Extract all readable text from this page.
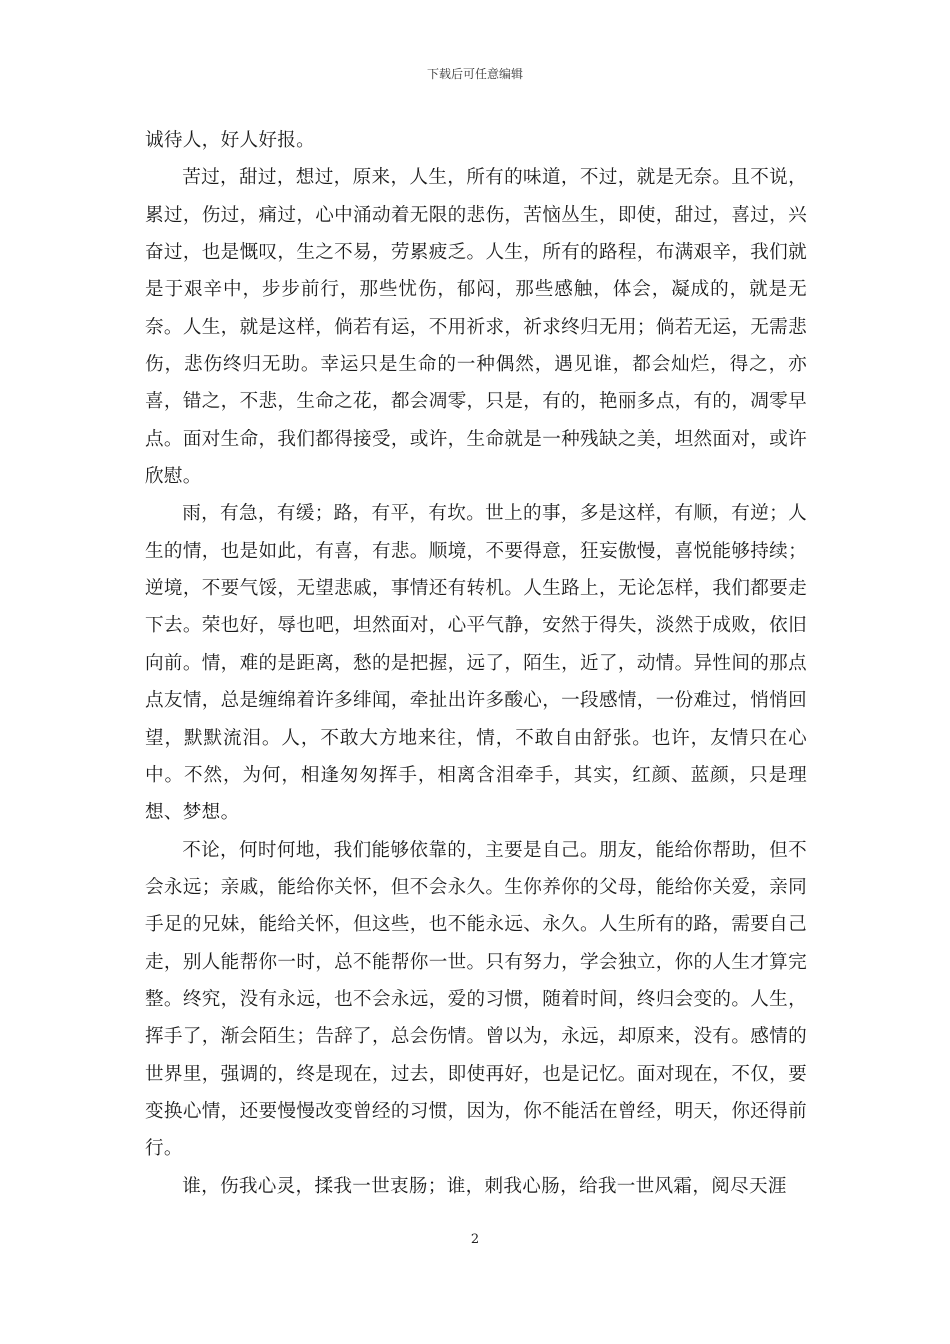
下载后可任意编辑

诚待人，好人好报。

苦过，甜过，想过，原来，人生，所有的味道，不过，就是无奈。且不说，累过，伤过，痛过，心中涌动着无限的悲伤，苦恼丛生，即使，甜过，喜过，兴奋过，也是慨叹，生之不易，劳累疲乏。人生，所有的路程，布满艰辛，我们就是于艰辛中，步步前行，那些忧伤，郁闷，那些感触，体会，凝成的，就是无奈。人生，就是这样，倘若有运，不用祈求，祈求终归无用；倘若无运，无需悲伤，悲伤终归无助。幸运只是生命的一种偶然，遇见谁，都会灿烂，得之，亦喜，错之，不悲，生命之花，都会凋零，只是，有的，艳丽多点，有的，凋零早点。面对生命，我们都得接受，或许，生命就是一种残缺之美，坦然面对，或许欣慰。

雨，有急，有缓；路，有平，有坎。世上的事，多是这样，有顺，有逆；人生的情，也是如此，有喜，有悲。顺境，不要得意，狂妄傲慢，喜悦能够持续；逆境，不要气馁，无望悲戚，事情还有转机。人生路上，无论怎样，我们都要走下去。荣也好，辱也吧，坦然面对，心平气静，安然于得失，淡然于成败，依旧向前。情，难的是距离，愁的是把握，远了，陌生，近了，动情。异性间的那点点友情，总是缠绵着许多绯闻，牵扯出许多酸心，一段感情，一份难过，悄悄回望，默默流泪。人，不敢大方地来往，情，不敢自由舒张。也许，友情只在心中。不然，为何，相逢匆匆挥手，相离含泪牵手，其实，红颜、蓝颜，只是理想、梦想。

不论，何时何地，我们能够依靠的，主要是自己。朋友，能给你帮助，但不会永远；亲戚，能给你关怀，但不会永久。生你养你的父母，能给你关爱，亲同手足的兄妹，能给关怀，但这些，也不能永远、永久。人生所有的路，需要自己走，别人能帮你一时，总不能帮你一世。只有努力，学会独立，你的人生才算完整。终究，没有永远，也不会永远，爱的习惯，随着时间，终归会变的。人生，挥手了，渐会陌生；告辞了，总会伤情。曾以为，永远，却原来，没有。感情的世界里，强调的，终是现在，过去，即使再好，也是记忆。面对现在，不仅，要变换心情，还要慢慢改变曾经的习惯，因为，你不能活在曾经，明天，你还得前行。

谁，伤我心灵，揉我一世衷肠；谁，刺我心肠，给我一世风霜，阅尽天涯

2
